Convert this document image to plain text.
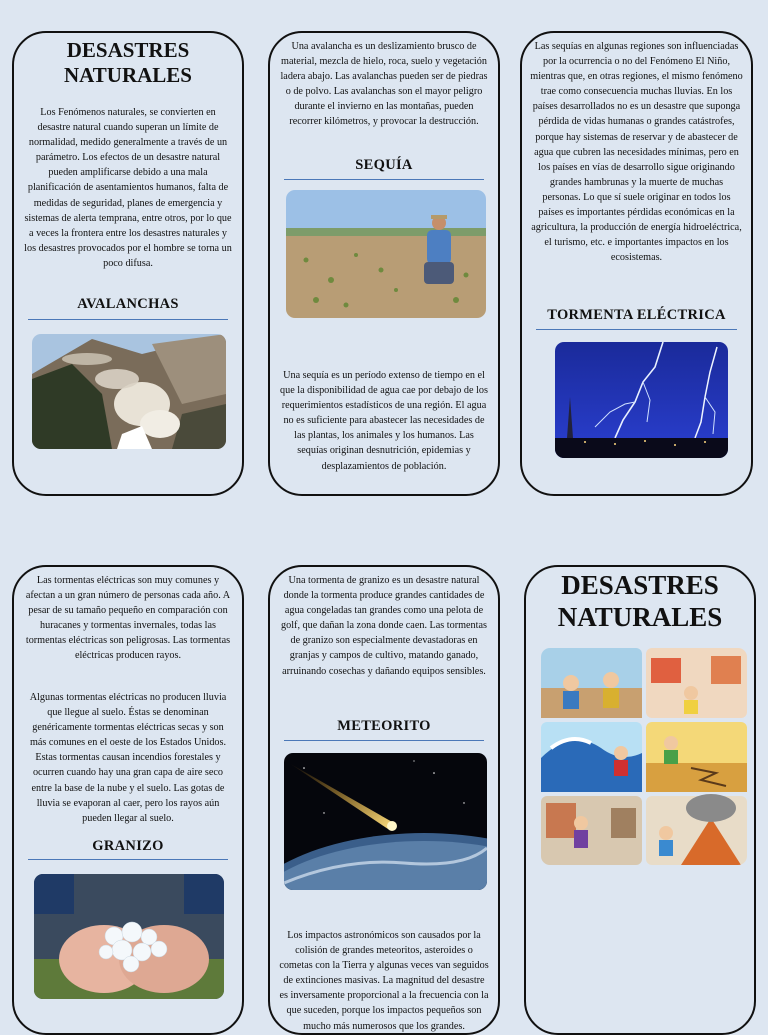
DESASTRES
NATURALES

Los Fenómenos naturales, se convierten en desastre natural cuando superan un límite de normalidad, medido generalmente a través de un parámetro. Los efectos de un desastre natural pueden amplificarse debido a una mala planificación de asentamientos humanos, falta de medidas de seguridad, planes de emergencia y sistemas de alerta temprana, entre otros, por lo que a veces la frontera entre los desastres naturales y los desastres provocados por el hombre se torna un poco difusa.

AVALANCHAS

Una avalancha es un deslizamiento brusco de material, mezcla de hielo, roca, suelo y vegetación ladera abajo. Las avalanchas pueden ser de piedras o de polvo. Las avalanchas son el mayor peligro durante el invierno en las montañas, pueden recorrer kilómetros, y provocar la destrucción.

SEQUÍA

Una sequía es un período extenso de tiempo en el que la disponibilidad de agua cae por debajo de los requerimientos estadísticos de una región. El agua no es suficiente para abastecer las necesidades de las plantas, los animales y los humanos. Las sequías originan desnutrición, epidemias y desplazamientos de población.

Las sequías en algunas regiones son influenciadas por la ocurrencia o no del Fenómeno El Niño, mientras que, en otras regiones, el mismo fenómeno trae como consecuencia muchas lluvias. En los países desarrollados no es un desastre que suponga pérdida de vidas humanas o grandes catástrofes, porque hay sistemas de reservar y de abastecer de agua que cubren las necesidades mínimas, pero en los países en vías de desarrollo sigue originando grandes hambrunas y la muerte de muchas personas. Lo que sí suele originar en todos los países es importantes pérdidas económicas en la agricultura, la producción de energía hidroeléctrica, el turismo, etc. e importantes impactos en los ecosistemas.

TORMENTA ELÉCTRICA

Las tormentas eléctricas son muy comunes y afectan a un gran número de personas cada año. A pesar de su tamaño pequeño en comparación con huracanes y tormentas invernales, todas las tormentas eléctricas son peligrosas. Las tormentas eléctricas producen rayos.

Algunas tormentas eléctricas no producen lluvia que llegue al suelo. Éstas se denominan genéricamente tormentas eléctricas secas y son más comunes en el oeste de los Estados Unidos. Estas tormentas causan incendios forestales y ocurren cuando hay una gran capa de aire seco entre la base de la nube y el suelo. Las gotas de lluvia se evaporan al caer, pero los rayos aún pueden llegar al suelo.

GRANIZO

Una tormenta de granizo es un desastre natural donde la tormenta produce grandes cantidades de agua congeladas tan grandes como una pelota de golf, que dañan la zona donde caen. Las tormentas de granizo son especialmente devastadoras en granjas y campos de cultivo, matando ganado, arruinando cosechas y dañando equipos sensibles.

METEORITO

Los impactos astronómicos son causados por la colisión de grandes meteoritos, asteroides o cometas con la Tierra y algunas veces van seguidos de extinciones masivas. La magnitud del desastre es inversamente proporcional a la frecuencia con la que suceden, porque los impactos pequeños son mucho más numerosos que los grandes.

DESASTRES
NATURALES
